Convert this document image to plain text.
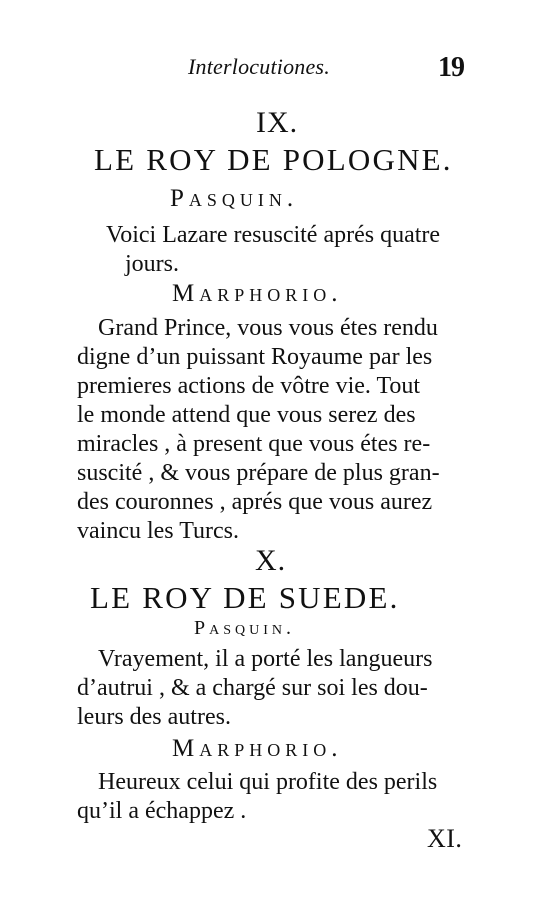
Interlocutiones.	19
IX.
LE ROY DE POLOGNE.
Pasquin.
Voici Lazare resuscité aprés quatre
jours.
Marphorio.
Grand Prince, vous vous étes rendu
digne d’un puissant Royaume par les
premieres actions de vôtre vie. Tout
le monde attend que vous serez des
miracles , à present que vous étes re-
suscité , & vous prépare de plus gran-
des couronnes , aprés que vous aurez
vaincu les Turcs.
X.
LE ROY DE SUEDE.
Pasquin.
Vrayement, il a porté les langueurs
d’autrui , & a chargé sur soi les dou-
leurs des autres.
Marphorio.
Heureux celui qui profite des perils
qu’il a échappez .
XI.
